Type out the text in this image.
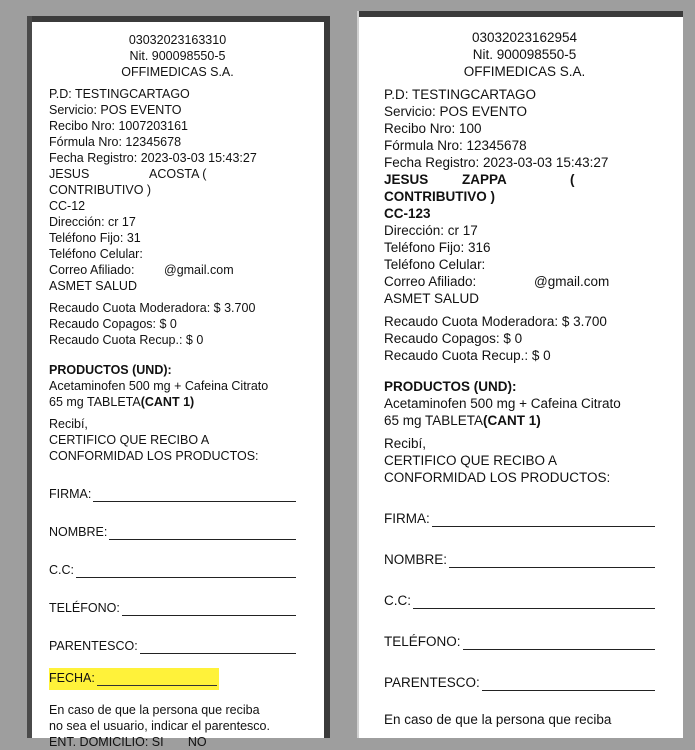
03032023163310
Nit. 900098550-5
OFFIMEDICAS S.A.
P.D: TESTINGCARTAGO
Servicio: POS EVENTO
Recibo Nro: 1007203161
Fórmula Nro: 12345678
Fecha Registro: 2023-03-03 15:43:27
JESUS	ACOSTA (
CONTRIBUTIVO )
CC-12
Dirección: cr 17
Teléfono Fijo: 31
Teléfono Celular:
Correo Afiliado:	@gmail.com
ASMET SALUD
Recaudo Cuota Moderadora: $ 3.700
Recaudo Copagos: $ 0
Recaudo Cuota Recup.: $ 0
PRODUCTOS (UND):
Acetaminofen 500 mg + Cafeina Citrato
65 mg TABLETA(CANT 1)
Recibí,
CERTIFICO QUE RECIBO A
CONFORMIDAD LOS PRODUCTOS:
FIRMA:
NOMBRE:
C.C:
TELÉFONO:
PARENTESCO:
FECHA:
En caso de que la persona que reciba
no sea el usuario, indicar el parentesco.
ENT. DOMICILIO: SI       NO
03032023162954
Nit. 900098550-5
OFFIMEDICAS S.A.
P.D: TESTINGCARTAGO
Servicio: POS EVENTO
Recibo Nro: 100
Fórmula Nro: 12345678
Fecha Registro: 2023-03-03 15:43:27
JESUS	ZAPPA	(
CONTRIBUTIVO )
CC-123
Dirección: cr 17
Teléfono Fijo: 316
Teléfono Celular:
Correo Afiliado:	@gmail.com
ASMET SALUD
Recaudo Cuota Moderadora: $ 3.700
Recaudo Copagos: $ 0
Recaudo Cuota Recup.: $ 0
PRODUCTOS (UND):
Acetaminofen 500 mg + Cafeina Citrato
65 mg TABLETA(CANT 1)
Recibí,
CERTIFICO QUE RECIBO A
CONFORMIDAD LOS PRODUCTOS:
FIRMA:
NOMBRE:
C.C:
TELÉFONO:
PARENTESCO:
En caso de que la persona que reciba
